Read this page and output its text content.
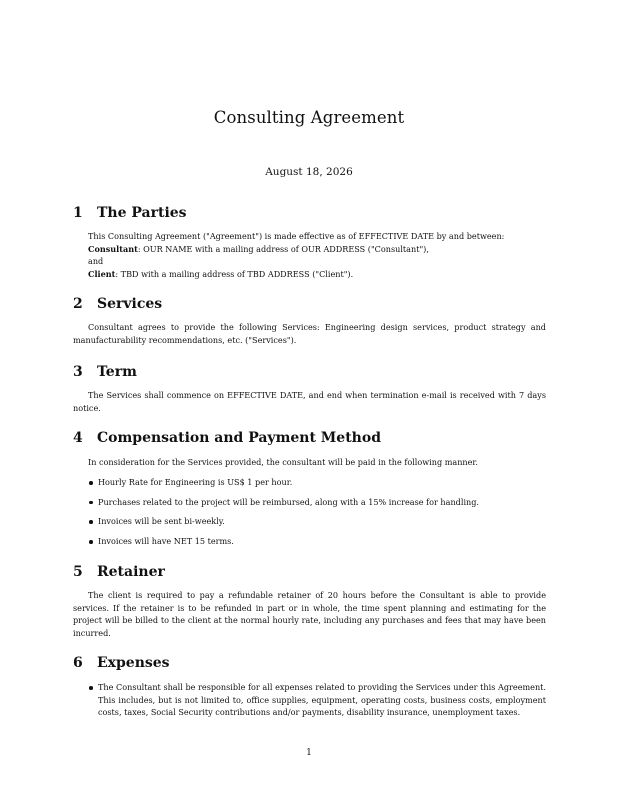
Consulting Agreement
August 18, 2026
1 The Parties
This Consulting Agreement ("Agreement") is made effective as of EFFECTIVE DATE by and between:
Consultant: OUR NAME with a mailing address of OUR ADDRESS ("Consultant"),
and
Client: TBD with a mailing address of TBD ADDRESS ("Client").
2 Services
Consultant agrees to provide the following Services: Engineering design services, product strategy and manufacturability recommendations, etc. ("Services").
3 Term
The Services shall commence on EFFECTIVE DATE, and end when termination e-mail is received with 7 days notice.
4 Compensation and Payment Method
In consideration for the Services provided, the consultant will be paid in the following manner.
Hourly Rate for Engineering is US$ 1 per hour.
Purchases related to the project will be reimbursed, along with a 15% increase for handling.
Invoices will be sent bi-weekly.
Invoices will have NET 15 terms.
5 Retainer
The client is required to pay a refundable retainer of 20 hours before the Consultant is able to provide services. If the retainer is to be refunded in part or in whole, the time spent planning and estimating for the project will be billed to the client at the normal hourly rate, including any purchases and fees that may have been incurred.
6 Expenses
The Consultant shall be responsible for all expenses related to providing the Services under this Agreement. This includes, but is not limited to, office supplies, equipment, operating costs, business costs, employment costs, taxes, Social Security contributions and/or payments, disability insurance, unemployment taxes.
1
